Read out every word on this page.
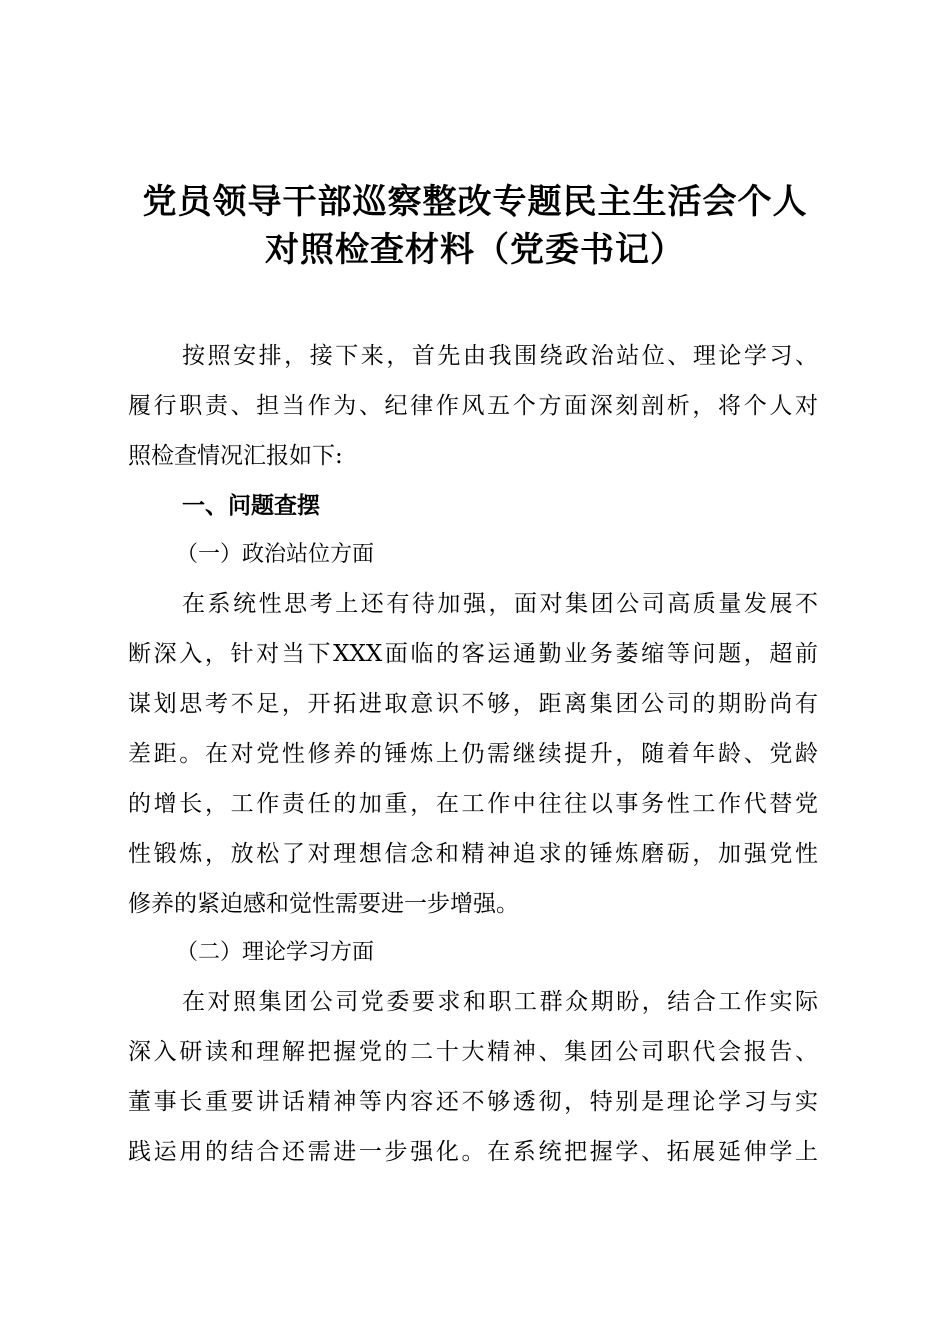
党员领导干部巡察整改专题民主生活会个人
对照检查材料（党委书记）
按照安排，接下来，首先由我围绕政治站位、理论学习、
履行职责、担当作为、纪律作风五个方面深刻剖析，将个人对
照检查情况汇报如下:
一、问题查摆
（一）政治站位方面
在系统性思考上还有待加强，面对集团公司高质量发展不
断深入，针对当下XXX面临的客运通勤业务萎缩等问题，超前
谋划思考不足，开拓进取意识不够，距离集团公司的期盼尚有
差距。在对党性修养的锤炼上仍需继续提升，随着年龄、党龄
的增长，工作责任的加重，在工作中往往以事务性工作代替党
性锻炼，放松了对理想信念和精神追求的锤炼磨砺，加强党性
修养的紧迫感和觉性需要进一步增强。
（二）理论学习方面
在对照集团公司党委要求和职工群众期盼，结合工作实际
深入研读和理解把握党的二十大精神、集团公司职代会报告、
董事长重要讲话精神等内容还不够透彻，特别是理论学习与实
践运用的结合还需进一步强化。在系统把握学、拓展延伸学上
